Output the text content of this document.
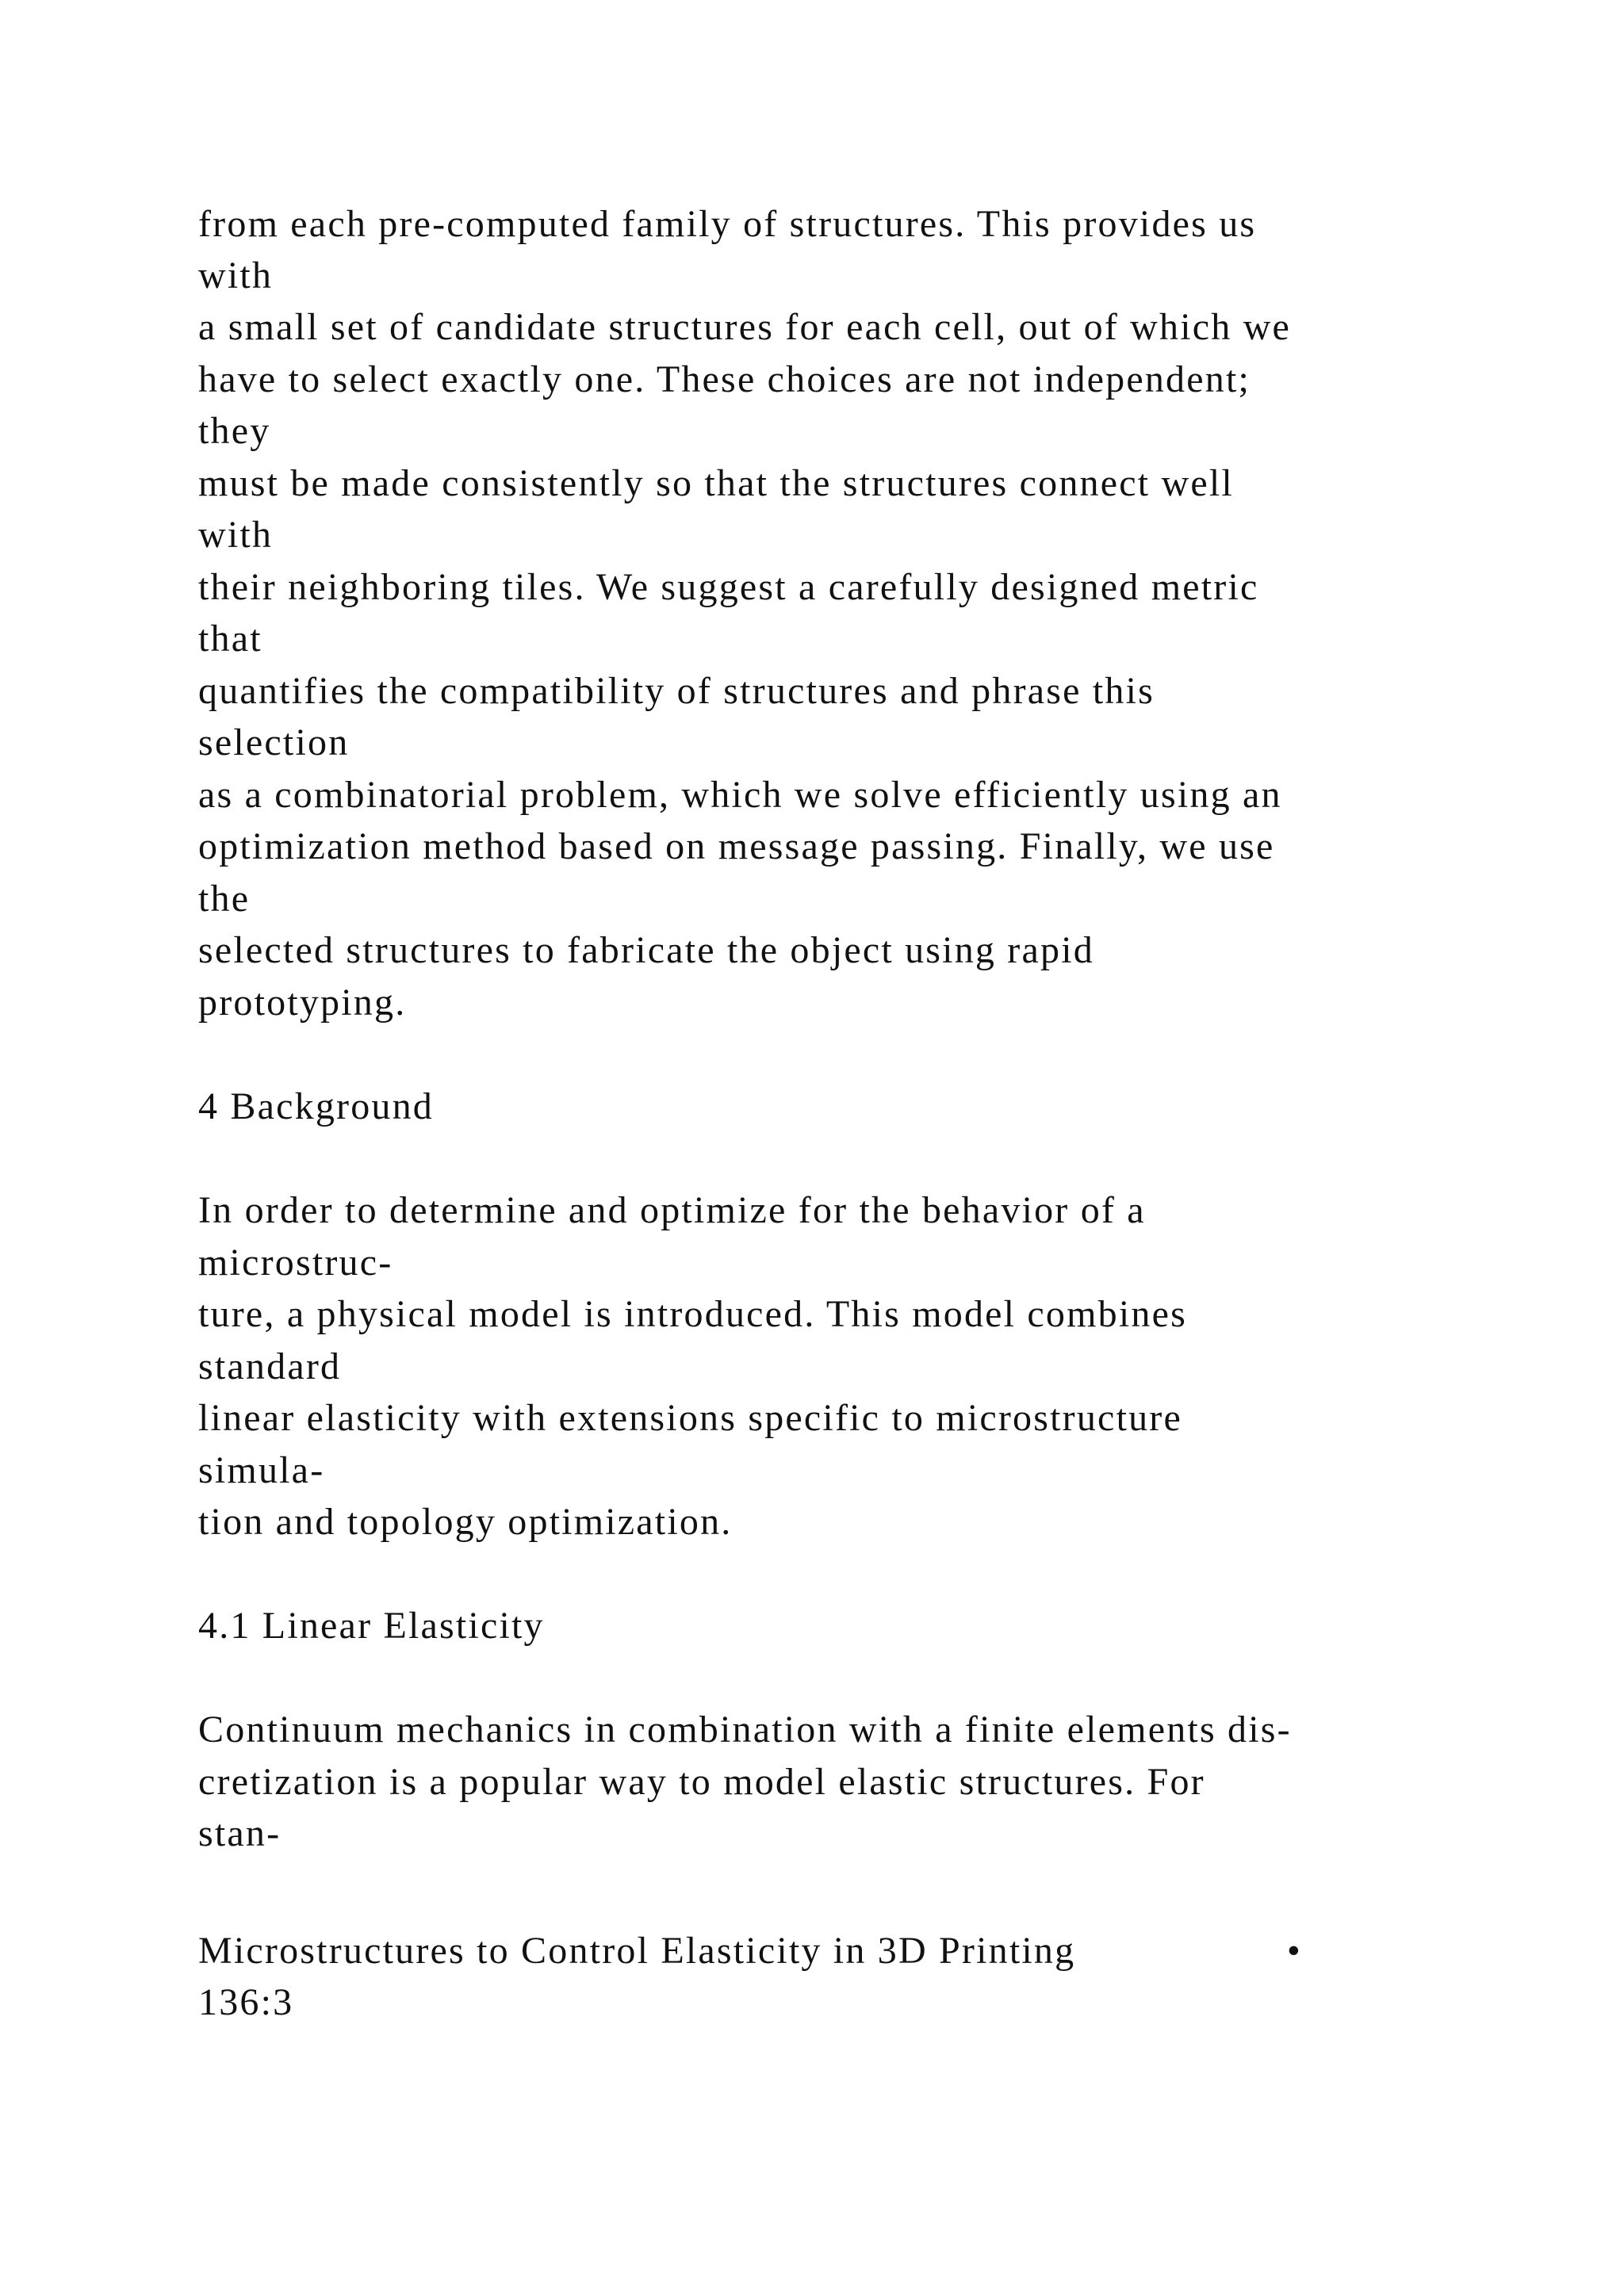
from each pre-computed family of structures. This provides us

with

a small set of candidate structures for each cell, out of which we

have to select exactly one. These choices are not independent;

they

must be made consistently so that the structures connect well

with

their neighboring tiles. We suggest a carefully designed metric

that

quantifies the compatibility of structures and phrase this

selection

as a combinatorial problem, which we solve efficiently using an

optimization method based on message passing. Finally, we use

the

selected structures to fabricate the object using rapid

prototyping.

4 Background

In order to determine and optimize for the behavior of a

microstruc-

ture, a physical model is introduced. This model combines

standard

linear elasticity with extensions specific to microstructure

simula-

tion and topology optimization.

4.1 Linear Elasticity

Continuum mechanics in combination with a finite elements dis-

cretization is a popular way to model elastic structures. For

stan-

Microstructures to Control Elasticity in 3D Printing	•

136:3
